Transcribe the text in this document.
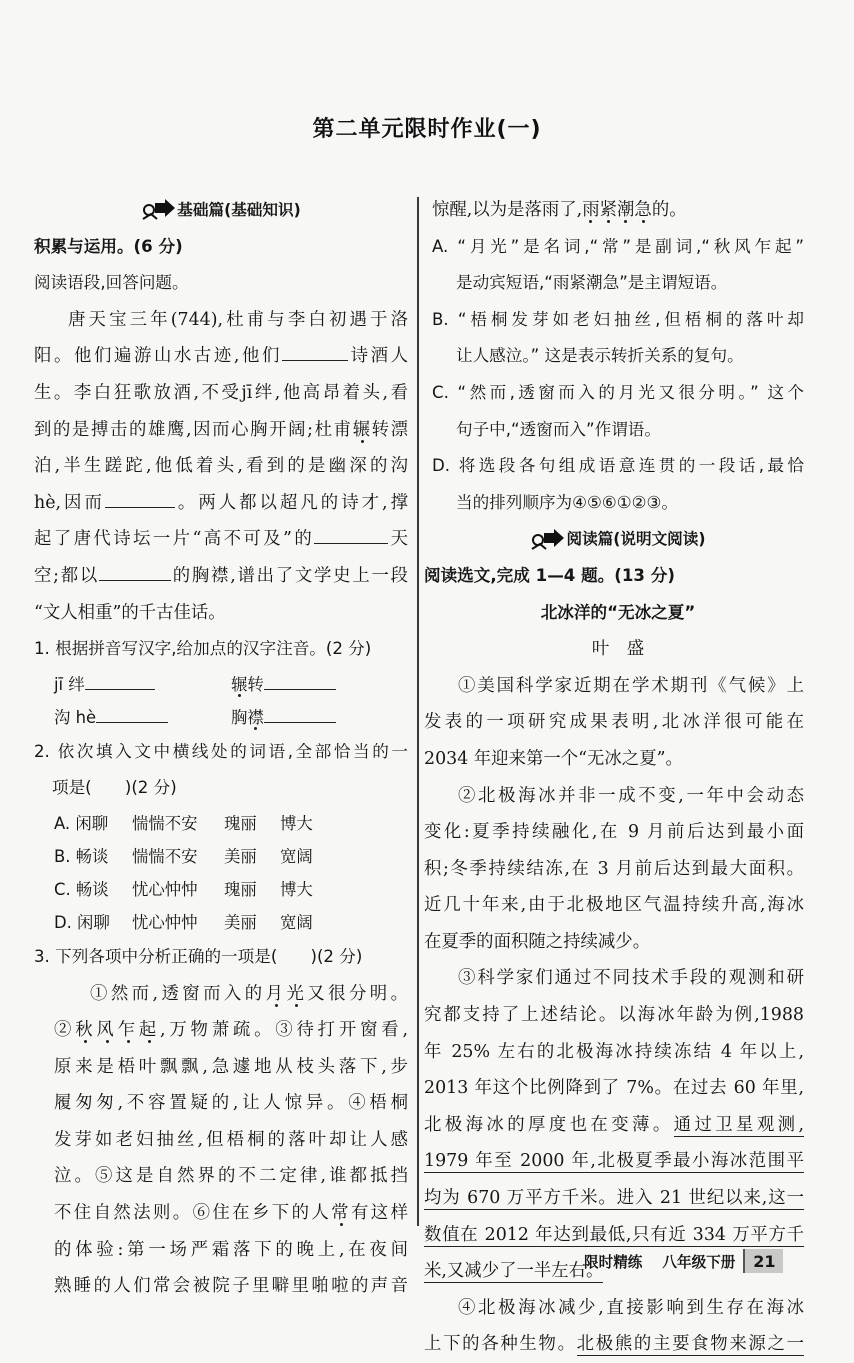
第二单元限时作业(一)
基础篇(基础知识)
积累与运用。(6 分)
阅读语段,回答问题。
唐天宝三年(744),杜甫与李白初遇于洛
阳。他们遍游山水古迹,他们	诗酒人
生。李白狂歌放酒,不受jī绊,他高昂着头,看
到的是搏击的雄鹰,因而心胸开阔;杜甫辗转漂
泊,半生蹉跎,他低着头,看到的是幽深的沟
hè,因而	。两人都以超凡的诗才,撑
起了唐代诗坛一片“高不可及”的	天
空;都以	的胸襟,谱出了文学史上一段
“文人相重”的千古佳话。
1. 根据拼音写汉字,给加点的汉字注音。(2 分)
jī 绊	辗转
沟 hè	胸襟
2. 依次填入文中横线处的词语,全部恰当的一
项是(　　)(2 分)
A. 闲聊	惴惴不安	瑰丽	博大
B. 畅谈	惴惴不安	美丽	宽阔
C. 畅谈	忧心忡忡	瑰丽	博大
D. 闲聊	忧心忡忡	美丽	宽阔
3. 下列各项中分析正确的一项是(　　)(2 分)
①然而,透窗而入的月光又很分明。
②秋风乍起,万物萧疏。③待打开窗看,
原来是梧叶飘飘,急遽地从枝头落下,步
履匆匆,不容置疑的,让人惊异。④梧桐
发芽如老妇抽丝,但梧桐的落叶却让人感
泣。⑤这是自然界的不二定律,谁都抵挡
不住自然法则。⑥住在乡下的人常有这样
的体验:第一场严霜落下的晚上,在夜间
熟睡的人们常会被院子里噼里啪啦的声音
惊醒,以为是落雨了,雨紧潮急的。
A. “月光”是名词,“常”是副词,“秋风乍起”
是动宾短语,“雨紧潮急”是主谓短语。
B. “梧桐发芽如老妇抽丝,但梧桐的落叶却
让人感泣。” 这是表示转折关系的复句。
C. “然而,透窗而入的月光又很分明。” 这个
句子中,“透窗而入”作谓语。
D. 将选段各句组成语意连贯的一段话,最恰
当的排列顺序为④⑤⑥①②③。
阅读篇(说明文阅读)
阅读选文,完成 1—4 题。(13 分)
北冰洋的“无冰之夏”
叶　盛
①美国科学家近期在学术期刊《气候》上
发表的一项研究成果表明,北冰洋很可能在
2034 年迎来第一个“无冰之夏”。
②北极海冰并非一成不变,一年中会动态
变化:夏季持续融化,在 9 月前后达到最小面
积;冬季持续结冻,在 3 月前后达到最大面积。
近几十年来,由于北极地区气温持续升高,海冰
在夏季的面积随之持续减少。
③科学家们通过不同技术手段的观测和研
究都支持了上述结论。以海冰年龄为例,1988
年 25% 左右的北极海冰持续冻结 4 年以上,
2013 年这个比例降到了 7%。在过去 60 年里,
北极海冰的厚度也在变薄。通过卫星观测,
1979 年至 2000 年,北极夏季最小海冰范围平
均为 670 万平方千米。进入 21 世纪以来,这一
数值在 2012 年达到最低,只有近 334 万平方千
米,又减少了一半左右。
④北极海冰减少,直接影响到生存在海冰
上下的各种生物。北极熊的主要食物来源之一
限时精练 八年级下册	21
